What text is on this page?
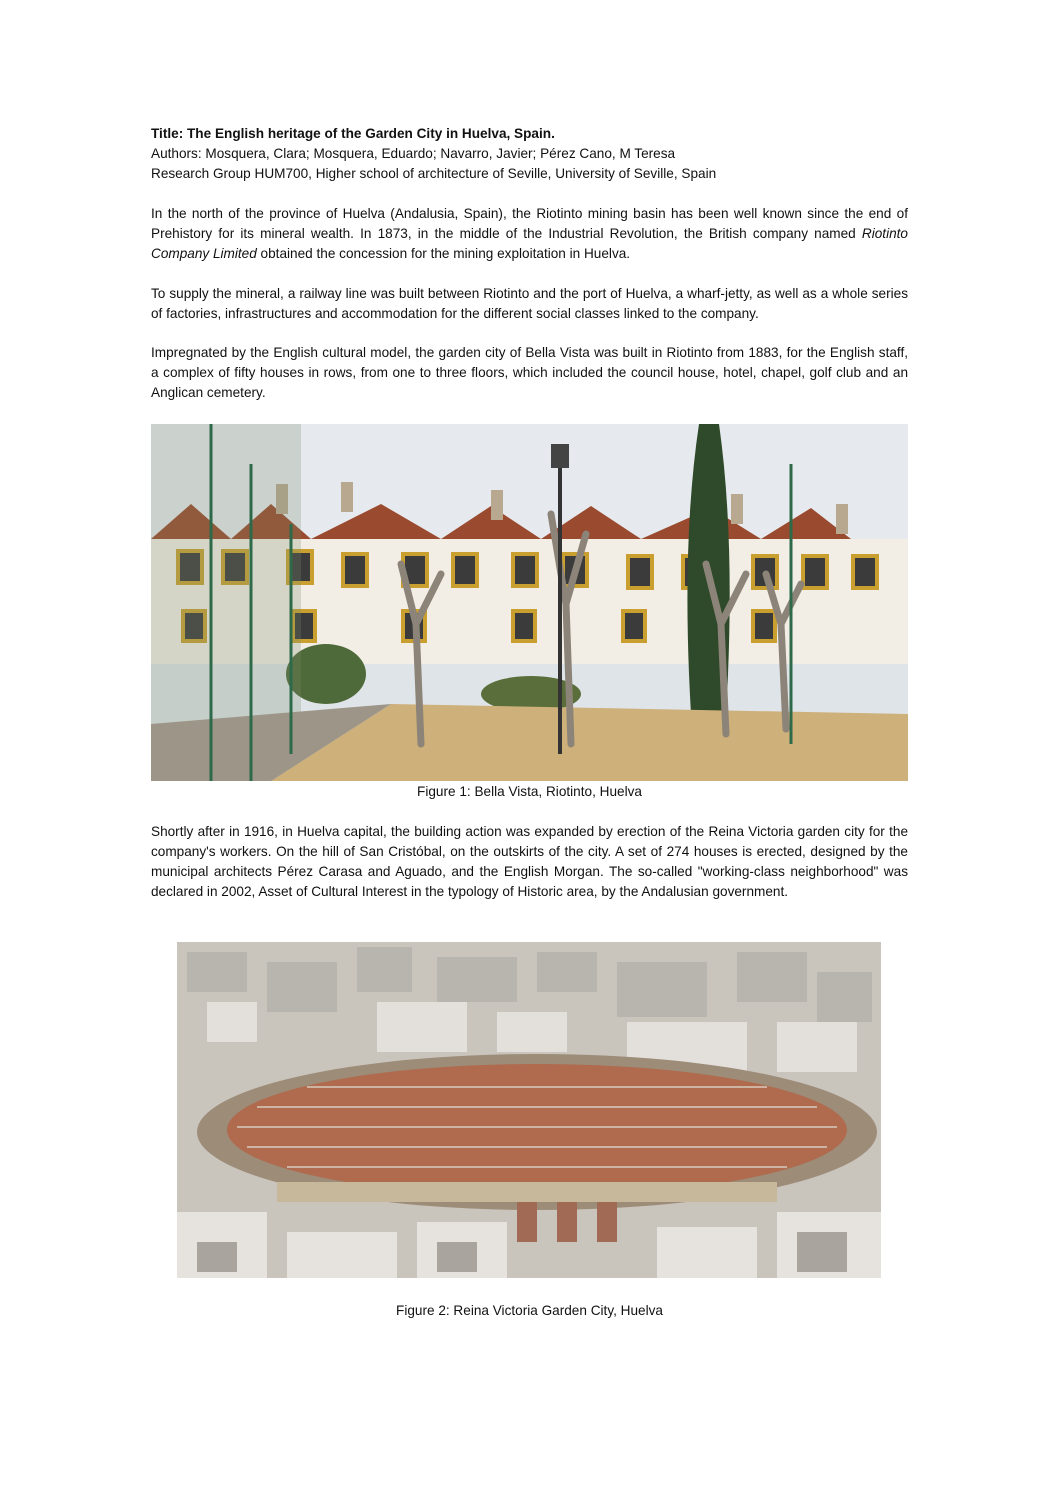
Title: The English heritage of the Garden City in Huelva, Spain.
Authors: Mosquera, Clara; Mosquera, Eduardo; Navarro, Javier; Pérez Cano, M Teresa
Research Group HUM700, Higher school of architecture of Seville, University of Seville, Spain
In the north of the province of Huelva (Andalusia, Spain), the Riotinto mining basin has been well known since the end of Prehistory for its mineral wealth. In 1873, in the middle of the Industrial Revolution, the British company named Riotinto Company Limited obtained the concession for the mining exploitation in Huelva.
To supply the mineral, a railway line was built between Riotinto and the port of Huelva, a wharf-jetty, as well as a whole series of factories, infrastructures and accommodation for the different social classes linked to the company.
Impregnated by the English cultural model, the garden city of Bella Vista was built in Riotinto from 1883, for the English staff, a complex of fifty houses in rows, from one to three floors, which included the council house, hotel, chapel, golf club and an Anglican cemetery.
Figure 1: Bella Vista, Riotinto, Huelva
Shortly after in 1916, in Huelva capital, the building action was expanded by erection of the Reina Victoria garden city for the company's workers. On the hill of San Cristóbal, on the outskirts of the city. A set of 274 houses is erected, designed by the municipal architects Pérez Carasa and Aguado, and the English Morgan. The so-called "working-class neighborhood" was declared in 2002, Asset of Cultural Interest in the typology of Historic area, by the Andalusian government.
Figure 2: Reina Victoria Garden City, Huelva
